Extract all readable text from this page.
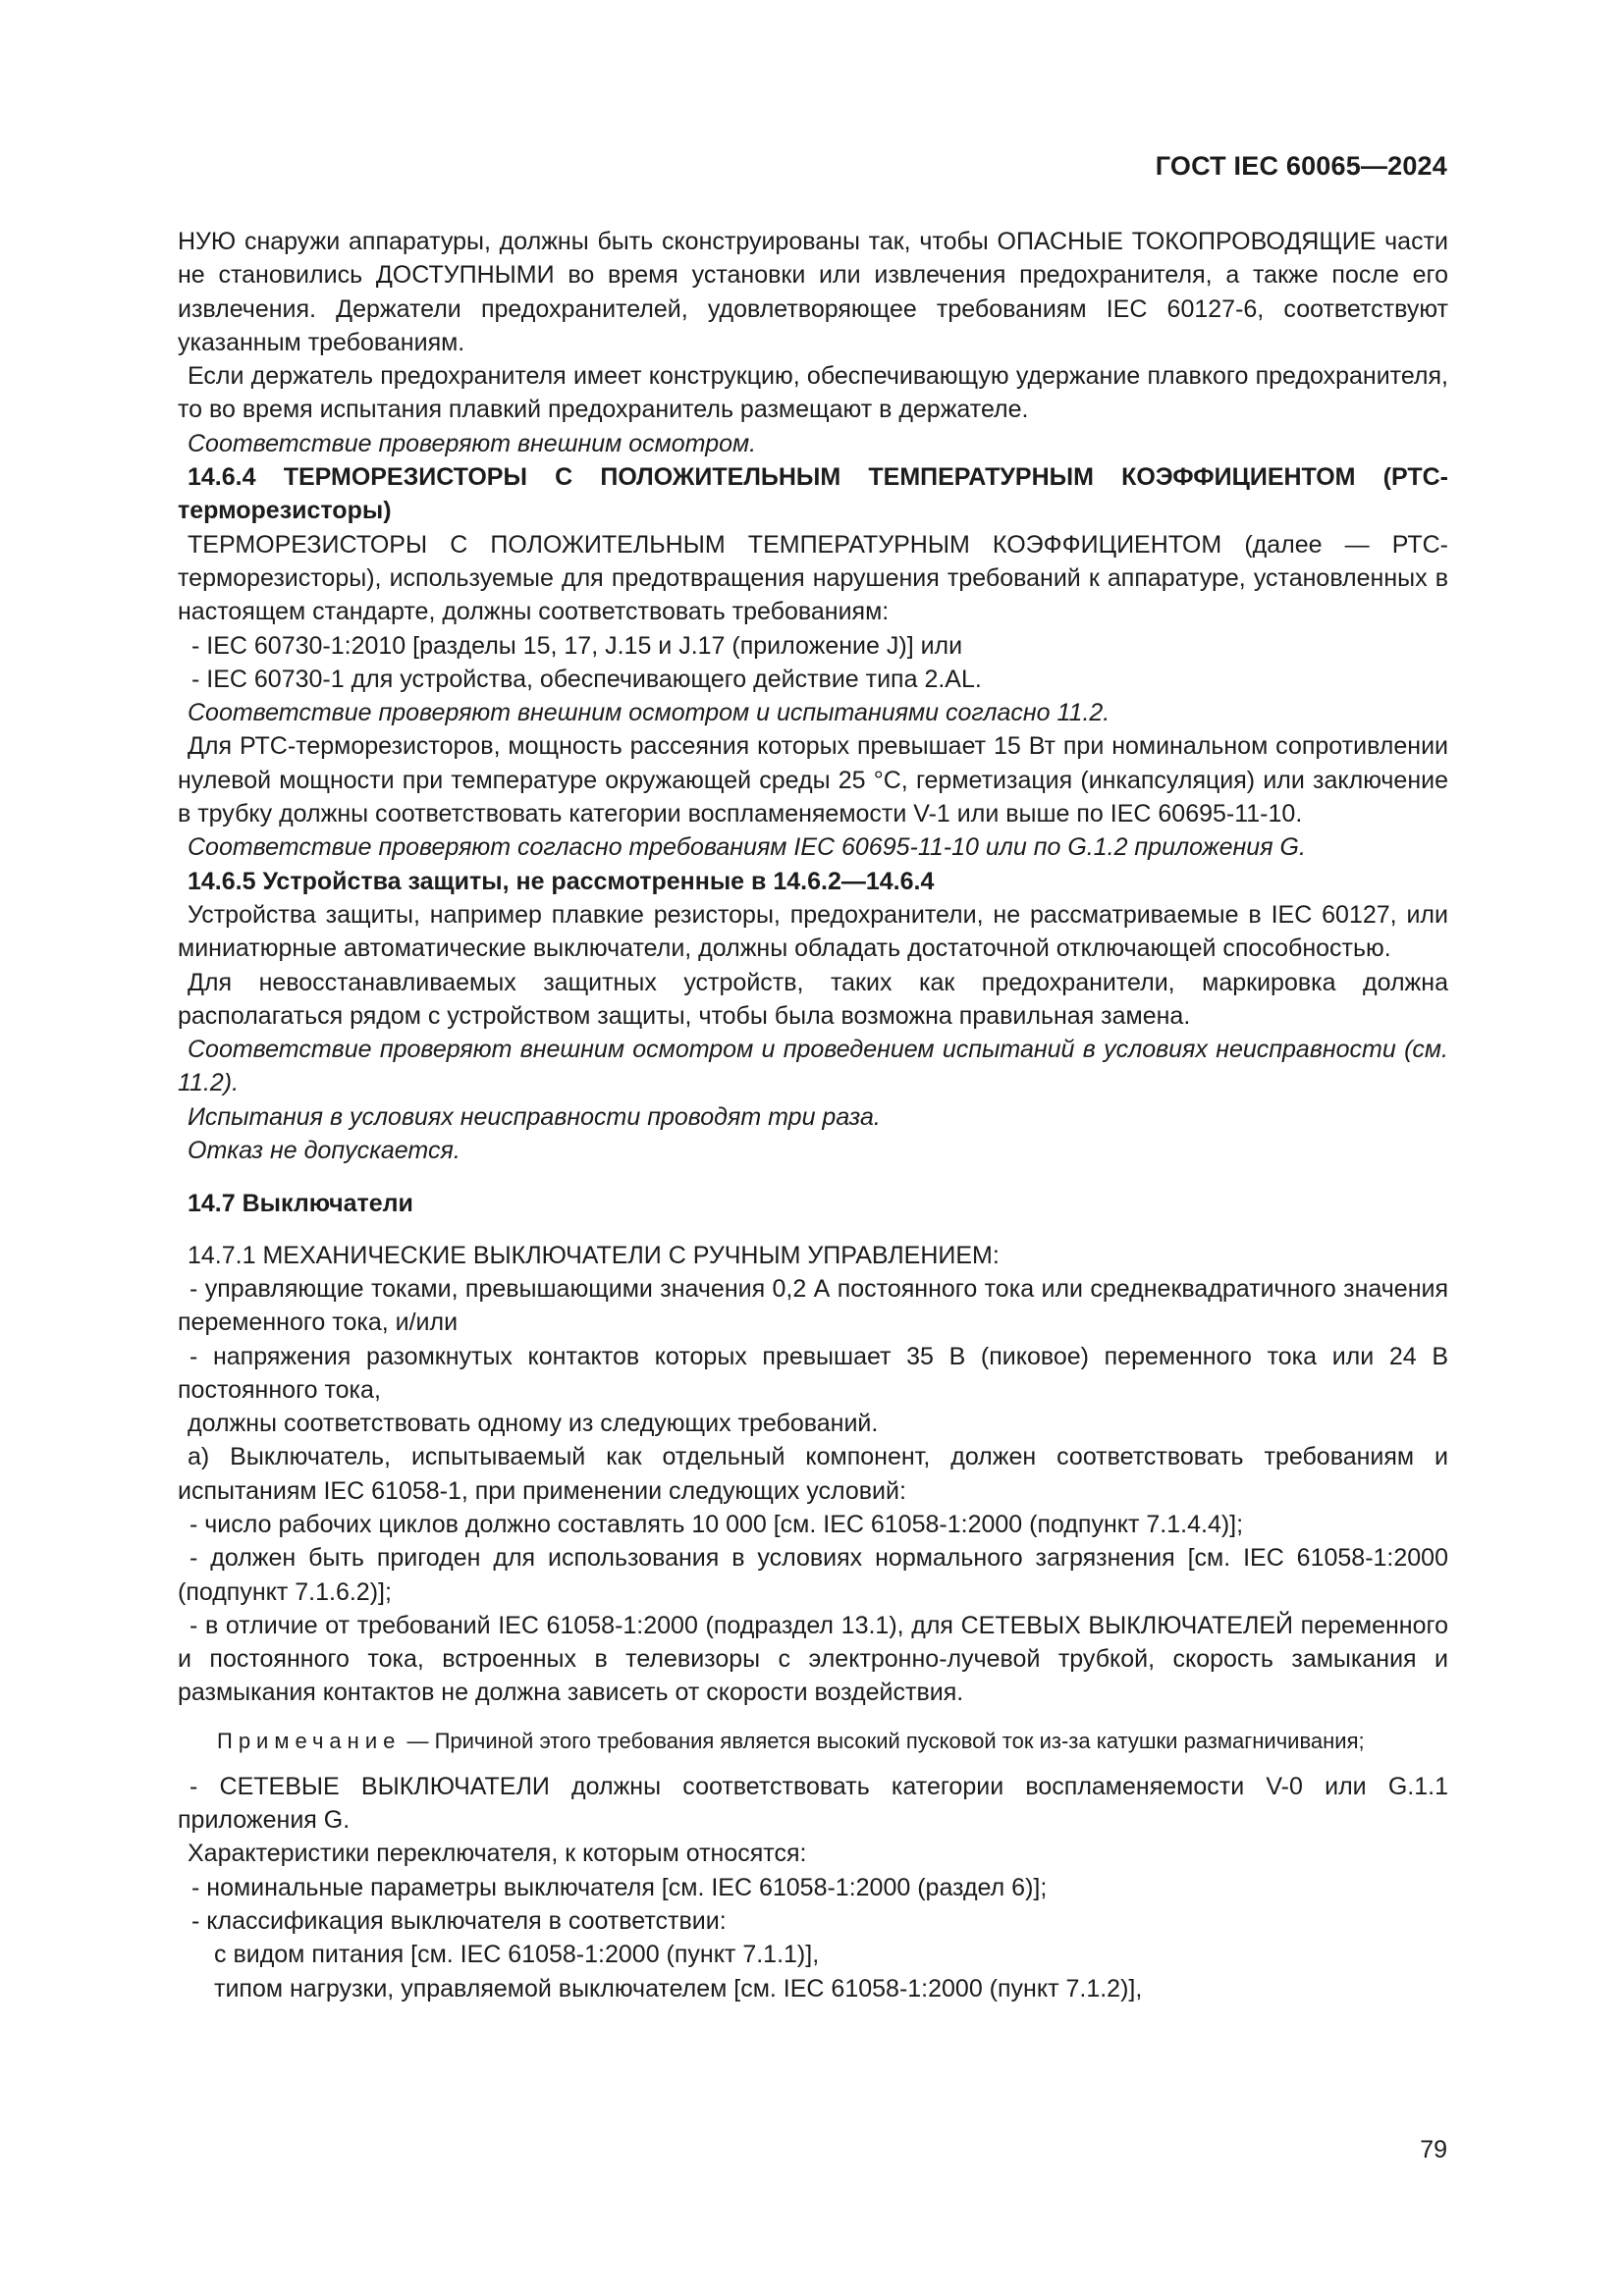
ГОСТ IEC 60065—2024

НУЮ снаружи аппаратуры, должны быть сконструированы так, чтобы ОПАСНЫЕ ТОКОПРОВОДЯЩИЕ части не становились ДОСТУПНЫМИ во время установки или извлечения предохранителя, а также после его извлечения. Держатели предохранителей, удовлетворяющее требованиям IEC 60127-6, соответствуют указанным требованиям.

Если держатель предохранителя имеет конструкцию, обеспечивающую удержание плавкого предохранителя, то во время испытания плавкий предохранитель размещают в держателе.

Соответствие проверяют внешним осмотром.

14.6.4 ТЕРМОРЕЗИСТОРЫ С ПОЛОЖИТЕЛЬНЫМ ТЕМПЕРАТУРНЫМ КОЭФФИЦИЕНТОМ (РТС-терморезисторы)

ТЕРМОРЕЗИСТОРЫ С ПОЛОЖИТЕЛЬНЫМ ТЕМПЕРАТУРНЫМ КОЭФФИЦИЕНТОМ (далее — РТС-терморезисторы), используемые для предотвращения нарушения требований к аппаратуре, установленных в настоящем стандарте, должны соответствовать требованиям:

- IEC 60730-1:2010 [разделы 15, 17, J.15 и J.17 (приложение J)] или

- IEC 60730-1 для устройства, обеспечивающего действие типа 2.AL.

Соответствие проверяют внешним осмотром и испытаниями согласно 11.2.

Для РТС-терморезисторов, мощность рассеяния которых превышает 15 Вт при номинальном сопротивлении нулевой мощности при температуре окружающей среды 25 °С, герметизация (инкапсуляция) или заключение в трубку должны соответствовать категории воспламеняемости V-1 или выше по IEC 60695-11-10.

Соответствие проверяют согласно требованиям IEC 60695-11-10 или по G.1.2 приложения G.

14.6.5 Устройства защиты, не рассмотренные в 14.6.2—14.6.4

Устройства защиты, например плавкие резисторы, предохранители, не рассматриваемые в IEC 60127, или миниатюрные автоматические выключатели, должны обладать достаточной отключающей способностью.

Для невосстанавливаемых защитных устройств, таких как предохранители, маркировка должна располагаться рядом с устройством защиты, чтобы была возможна правильная замена.

Соответствие проверяют внешним осмотром и проведением испытаний в условиях неисправности (см. 11.2).

Испытания в условиях неисправности проводят три раза.

Отказ не допускается.

14.7 Выключатели

14.7.1 МЕХАНИЧЕСКИЕ ВЫКЛЮЧАТЕЛИ С РУЧНЫМ УПРАВЛЕНИЕМ:

- управляющие токами, превышающими значения 0,2 А постоянного тока или среднеквадратичного значения переменного тока, и/или

- напряжения разомкнутых контактов которых превышает 35 В (пиковое) переменного тока или 24 В постоянного тока,

должны соответствовать одному из следующих требований.

а) Выключатель, испытываемый как отдельный компонент, должен соответствовать требованиям и испытаниям IEC 61058-1, при применении следующих условий:

- число рабочих циклов должно составлять 10 000 [см. IEC 61058-1:2000 (подпункт 7.1.4.4)];

- должен быть пригоден для использования в условиях нормального загрязнения [см. IEC 61058-1:2000 (подпункт 7.1.6.2)];

- в отличие от требований IEC 61058-1:2000 (подраздел 13.1), для СЕТЕВЫХ ВЫКЛЮЧАТЕЛЕЙ переменного и постоянного тока, встроенных в телевизоры с электронно-лучевой трубкой, скорость замыкания и размыкания контактов не должна зависеть от скорости воздействия.

Примечание — Причиной этого требования является высокий пусковой ток из-за катушки размагничивания;

- СЕТЕВЫЕ ВЫКЛЮЧАТЕЛИ должны соответствовать категории воспламеняемости V-0 или G.1.1 приложения G.

Характеристики переключателя, к которым относятся:

- номинальные параметры выключателя [см. IEC 61058-1:2000 (раздел 6)];

- классификация выключателя в соответствии:

с видом питания [см. IEC 61058-1:2000 (пункт 7.1.1)],

типом нагрузки, управляемой выключателем [см. IEC 61058-1:2000 (пункт 7.1.2)],

79
